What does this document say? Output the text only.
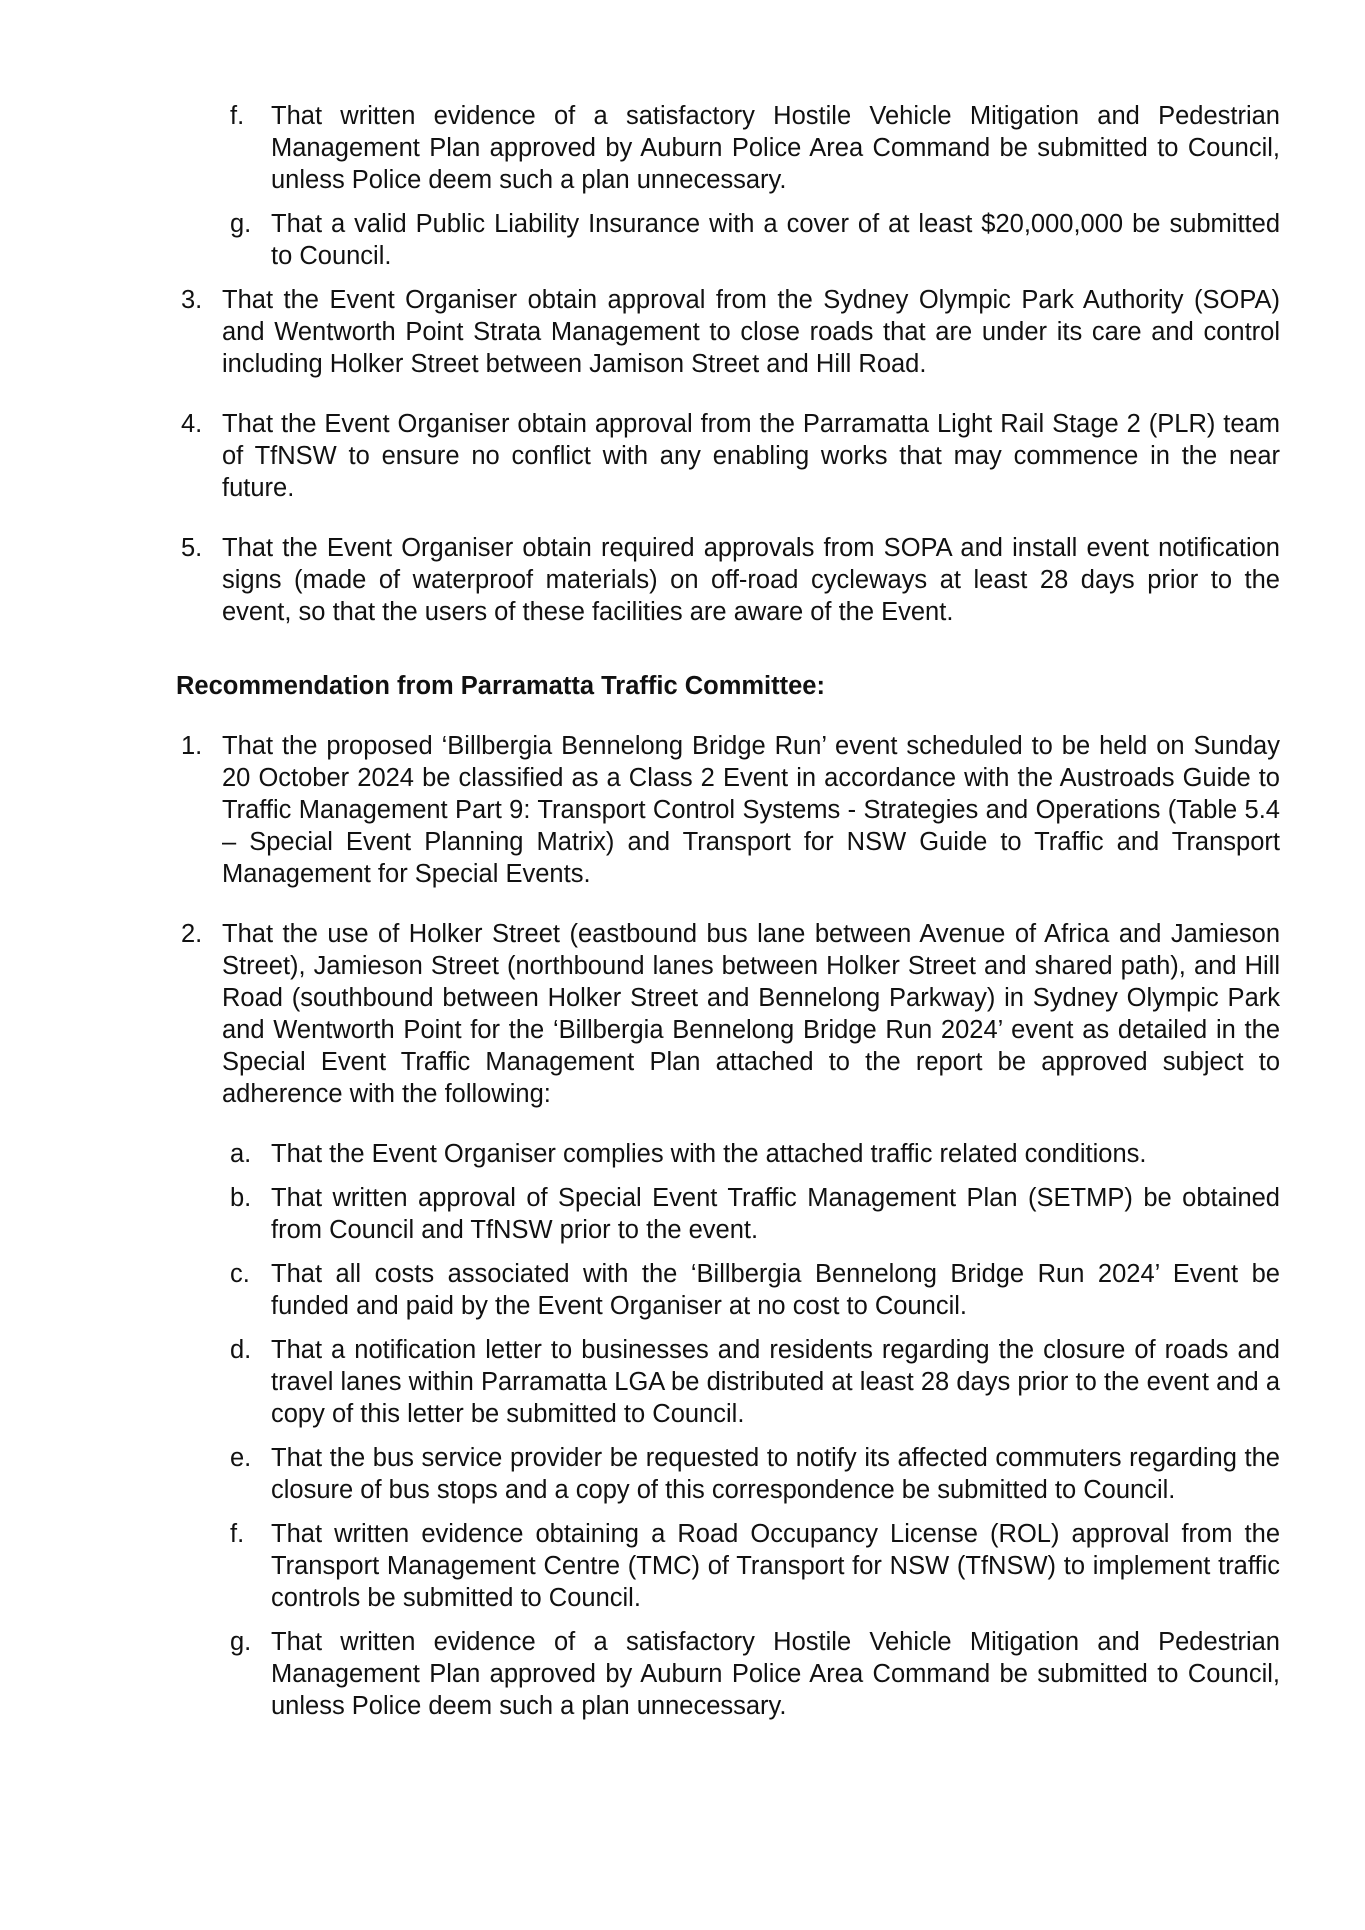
f. That written evidence of a satisfactory Hostile Vehicle Mitigation and Pedestrian Management Plan approved by Auburn Police Area Command be submitted to Council, unless Police deem such a plan unnecessary.
g. That a valid Public Liability Insurance with a cover of at least $20,000,000 be submitted to Council.
3. That the Event Organiser obtain approval from the Sydney Olympic Park Authority (SOPA) and Wentworth Point Strata Management to close roads that are under its care and control including Holker Street between Jamison Street and Hill Road.
4. That the Event Organiser obtain approval from the Parramatta Light Rail Stage 2 (PLR) team of TfNSW to ensure no conflict with any enabling works that may commence in the near future.
5. That the Event Organiser obtain required approvals from SOPA and install event notification signs (made of waterproof materials) on off-road cycleways at least 28 days prior to the event, so that the users of these facilities are aware of the Event.

Recommendation from Parramatta Traffic Committee:

1. That the proposed ‘Billbergia Bennelong Bridge Run’ event scheduled to be held on Sunday 20 October 2024 be classified as a Class 2 Event in accordance with the Austroads Guide to Traffic Management Part 9: Transport Control Systems - Strategies and Operations (Table 5.4 – Special Event Planning Matrix) and Transport for NSW Guide to Traffic and Transport Management for Special Events.
2. That the use of Holker Street (eastbound bus lane between Avenue of Africa and Jamieson Street), Jamieson Street (northbound lanes between Holker Street and shared path), and Hill Road (southbound between Holker Street and Bennelong Parkway) in Sydney Olympic Park and Wentworth Point for the ‘Billbergia Bennelong Bridge Run 2024’ event as detailed in the Special Event Traffic Management Plan attached to the report be approved subject to adherence with the following:
a. That the Event Organiser complies with the attached traffic related conditions.
b. That written approval of Special Event Traffic Management Plan (SETMP) be obtained from Council and TfNSW prior to the event.
c. That all costs associated with the ‘Billbergia Bennelong Bridge Run 2024’ Event be funded and paid by the Event Organiser at no cost to Council.
d. That a notification letter to businesses and residents regarding the closure of roads and travel lanes within Parramatta LGA be distributed at least 28 days prior to the event and a copy of this letter be submitted to Council.
e. That the bus service provider be requested to notify its affected commuters regarding the closure of bus stops and a copy of this correspondence be submitted to Council.
f. That written evidence obtaining a Road Occupancy License (ROL) approval from the Transport Management Centre (TMC) of Transport for NSW (TfNSW) to implement traffic controls be submitted to Council.
g. That written evidence of a satisfactory Hostile Vehicle Mitigation and Pedestrian Management Plan approved by Auburn Police Area Command be submitted to Council, unless Police deem such a plan unnecessary.
